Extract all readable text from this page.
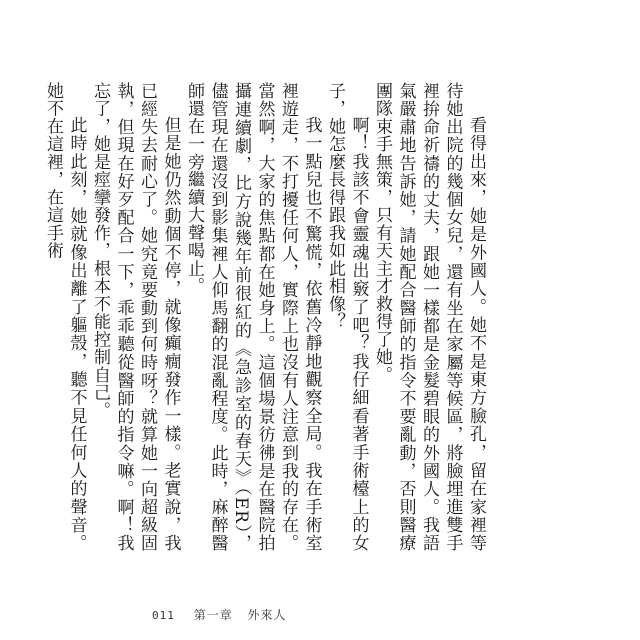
看得出來，她是外國人。她不是東方臉孔，留在家裡等待她出院的幾個女兒，還有坐在家屬等候區，將臉埋進雙手裡拚命祈禱的丈夫，跟她一樣都是金髮碧眼的外國人。我語氣嚴肅地告訴她，請她配合醫師的指令不要亂動，否則醫療團隊束手無策，只有天主才救得了她。

啊！我該不會靈魂出竅了吧？我仔細看著手術檯上的女子，她怎麼長得跟我如此相像？

我一點兒也不驚慌，依舊冷靜地觀察全局。我在手術室裡遊走，不打擾任何人，實際上也沒有人注意到我的存在。當然啊，大家的焦點都在她身上。這個場景彷彿是在醫院拍攝連續劇，比方說幾年前很紅的《急診室的春天》（ER），儘管現在還沒到影集裡人仰馬翻的混亂程度。此時，麻醉醫師還在一旁繼續大聲喝止。

但是她仍然動個不停，就像癲癇發作一樣。老實說，我已經失去耐心了。她究竟要動到何時呀？就算她一向超級固執，但現在好歹配合一下，乖乖聽從醫師的指令嘛。啊！我忘了，她是痙攣發作，根本不能控制自己。

此時此刻，她就像出離了軀殼，聽不見任何人的聲音。她不在這裡，在這手術

011 第一章 外來人
